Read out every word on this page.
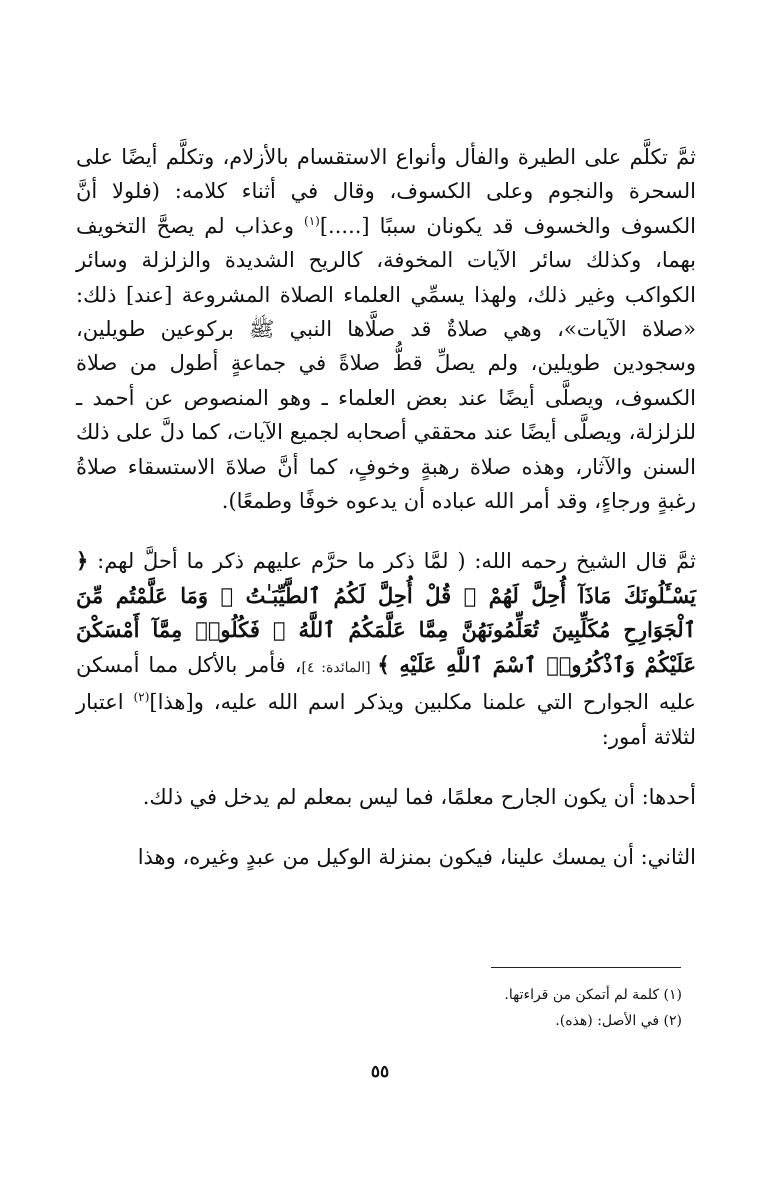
ثمَّ تكلَّم على الطيرة والفأل وأنواع الاستقسام بالأزلام، وتكلَّم أيضًا على السحرة والنجوم وعلى الكسوف، وقال في أثناء كلامه: (فلولا أنَّ الكسوف والخسوف قد يكونان سببًا [.....]$^{(١)}$ وعذاب لم يصحَّ التخويف بهما، وكذلك سائر الآيات المخوفة، كالريح الشديدة والزلزلة وسائر الكواكب وغير ذلك، ولهذا يسمِّي العلماء الصلاة المشروعة [عند] ذلك: «صلاة الآيات»، وهي صلاةٌ قد صلَّاها النبي ﷺ بركوعين طويلين، وسجودين طويلين، ولم يصلِّ قطُّ صلاةً في جماعةٍ أطول من صلاة الكسوف، ويصلَّى أيضًا عند بعض العلماء ـ وهو المنصوص عن أحمد ـ للزلزلة، ويصلَّى أيضًا عند محققي أصحابه لجميع الآيات، كما دلَّ على ذلك السنن والآثار، وهذه صلاة رهبةٍ وخوفٍ، كما أنَّ صلاةَ الاستسقاء صلاةُ رغبةٍ ورجاءٍ، وقد أمر الله عباده أن يدعوه خوفًا وطمعًا).

ثمَّ قال الشيخ رحمه الله: ( لمَّا ذكر ما حرَّم عليهم ذكر ما أحلَّ لهم: ﴿ يَسْـَٔلُونَكَ مَاذَآ أُحِلَّ لَهُمْ ۖ قُلْ أُحِلَّ لَكُمُ ٱلطَّيِّبَـٰتُ ۙ وَمَا عَلَّمْتُم مِّنَ ٱلْجَوَارِحِ مُكَلِّبِينَ تُعَلِّمُونَهُنَّ مِمَّا عَلَّمَكُمُ ٱللَّهُ ۖ فَكُلُوا۟ مِمَّآ أَمْسَكْنَ عَلَيْكُمْ وَٱذْكُرُوا۟ ٱسْمَ ٱللَّهِ عَلَيْهِ ﴾ [المائدة: ٤]، فأمر بالأكل مما أمسكن عليه الجوارح التي علمنا مكلبين ويذكر اسم الله عليه، و[هذا]$^{(٢)}$ اعتبار لثلاثة أمور:

أحدها: أن يكون الجارح معلمًا، فما ليس بمعلم لم يدخل في ذلك.

الثاني: أن يمسك علينا، فيكون بمنزلة الوكيل من عبدٍ وغيره، وهذا

(١) كلمة لم أتمكن من قراءتها.

(٢) في الأصل: (هذه).

٥٥
